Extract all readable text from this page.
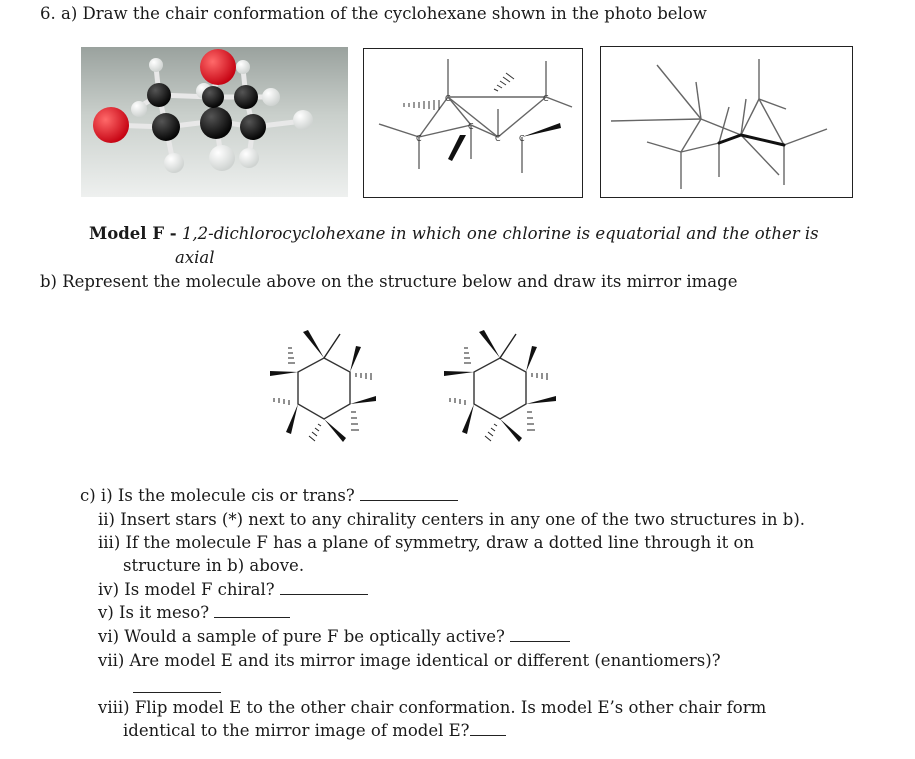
6. a) Draw the chair conformation of the cyclohexane shown in the photo below
C
C
C
C
C
C
Model F - 1,2-dichlorocyclohexane in which one chlorine is equatorial and the other is
axial
b) Represent the molecule above on the structure below and draw its mirror image
c) i) Is the molecule cis or trans?
ii) Insert stars (*) next to any chirality centers in any one of the two structures in b).
iii) If the molecule F has a plane of symmetry, draw a dotted line through it on
structure in b) above.
iv) Is model F chiral?
v) Is it meso?
vi) Would a sample of pure F be optically active?
vii) Are model E and its mirror image identical or different (enantiomers)?
viii) Flip model E to the other chair conformation. Is model E’s other chair form
identical to the mirror image of model E?
